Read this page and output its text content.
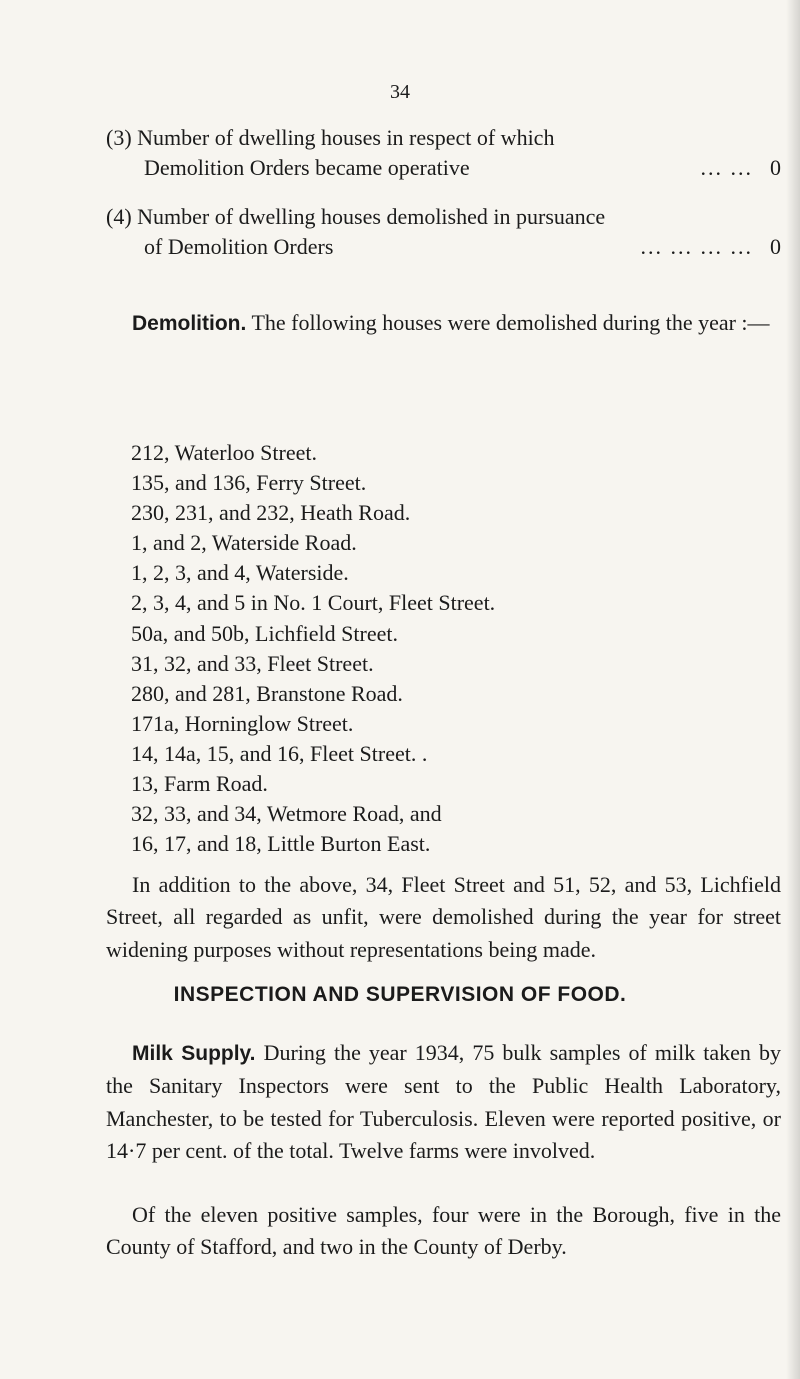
34
(3) Number of dwelling houses in respect of which
Demolition Orders became operative	... ... 0
(4) Number of dwelling houses demolished in pursuance
of Demolition Orders	... ... ... ... 0
Demolition. The following houses were demolished during the year :—
212, Waterloo Street.
135, and 136, Ferry Street.
230, 231, and 232, Heath Road.
1, and 2, Waterside Road.
1, 2, 3, and 4, Waterside.
2, 3, 4, and 5 in No. 1 Court, Fleet Street.
50a, and 50b, Lichfield Street.
31, 32, and 33, Fleet Street.
280, and 281, Branstone Road.
171a, Horninglow Street.
14, 14a, 15, and 16, Fleet Street. .
13, Farm Road.
32, 33, and 34, Wetmore Road, and
16, 17, and 18, Little Burton East.
In addition to the above, 34, Fleet Street and 51, 52, and 53, Lichfield Street, all regarded as unfit, were demolished during the year for street widening purposes without representations being made.
INSPECTION AND SUPERVISION OF FOOD.
Milk Supply. During the year 1934, 75 bulk samples of milk taken by the Sanitary Inspectors were sent to the Public Health Laboratory, Manchester, to be tested for Tuberculosis. Eleven were reported positive, or 14·7 per cent. of the total. Twelve farms were involved.
Of the eleven positive samples, four were in the Borough, five in the County of Stafford, and two in the County of Derby.
